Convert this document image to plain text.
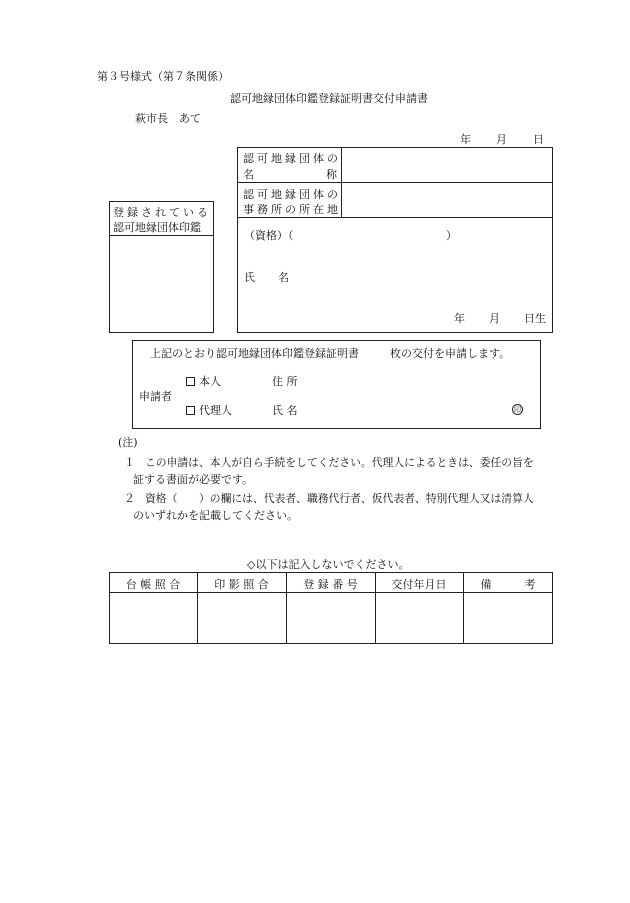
第３号様式（第７条関係）
認可地縁団体印鑑登録証明書交付申請書
萩市長　あて
年 月 日
登録されている
認可地縁団体印鑑
認可地縁団体の
名	称
認可地縁団体の
事務所の所在地
（資格）（	）
氏 名
年 月 日生
上記のとおり認可地縁団体印鑑登録証明書	枚の交付を申請します。
申請者
本人	住 所
代理人	氏 名	印
(注)
１ この申請は、本人が自ら手続をしてください。代理人によるときは、委任の旨を
証する書面が必要です。
２ 資格（　　）の欄には、代表者、職務代行者、仮代表者、特別代理人又は清算人
のいずれかを記載してください。
◇以下は記入しないでください。
台 帳 照 合	印 影 照 合	登 録 番 号	交付年月日	備　　　考
